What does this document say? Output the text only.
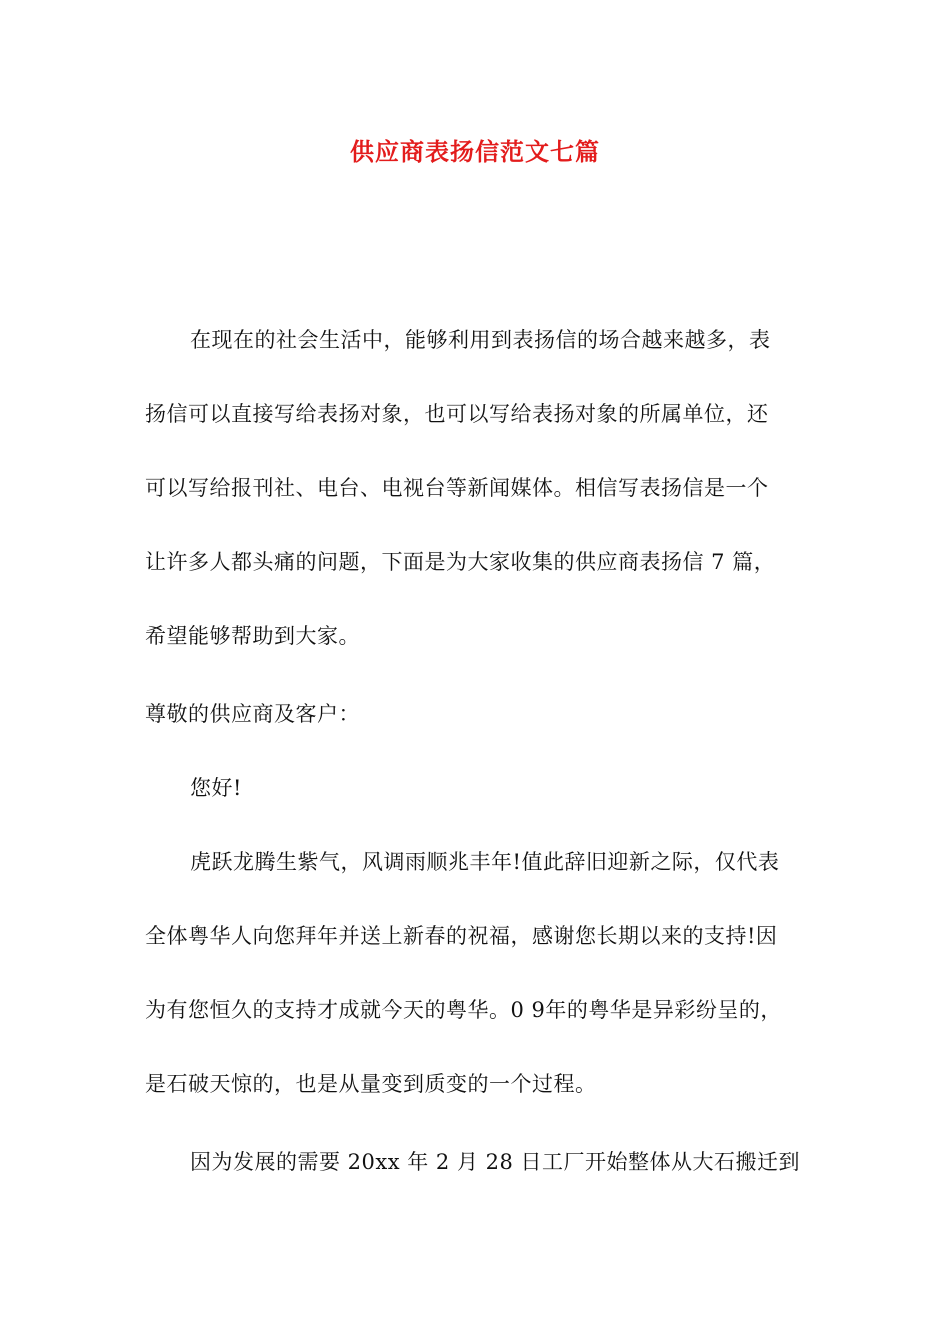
供应商表扬信范文七篇
在现在的社会生活中，能够利用到表扬信的场合越来越多，表
扬信可以直接写给表扬对象，也可以写给表扬对象的所属单位，还
可以写给报刊社、电台、电视台等新闻媒体。相信写表扬信是一个
让许多人都头痛的问题，下面是为大家收集的供应商表扬信 7 篇，
希望能够帮助到大家。
尊敬的供应商及客户：
您好!
虎跃龙腾生紫气，风调雨顺兆丰年!值此辞旧迎新之际，仅代表
全体粤华人向您拜年并送上新春的祝福，感谢您长期以来的支持!因
为有您恒久的支持才成就今天的粤华。0 9年的粤华是异彩纷呈的，
是石破天惊的，也是从量变到质变的一个过程。
因为发展的需要 20xx 年 2 月 28 日工厂开始整体从大石搬迁到
